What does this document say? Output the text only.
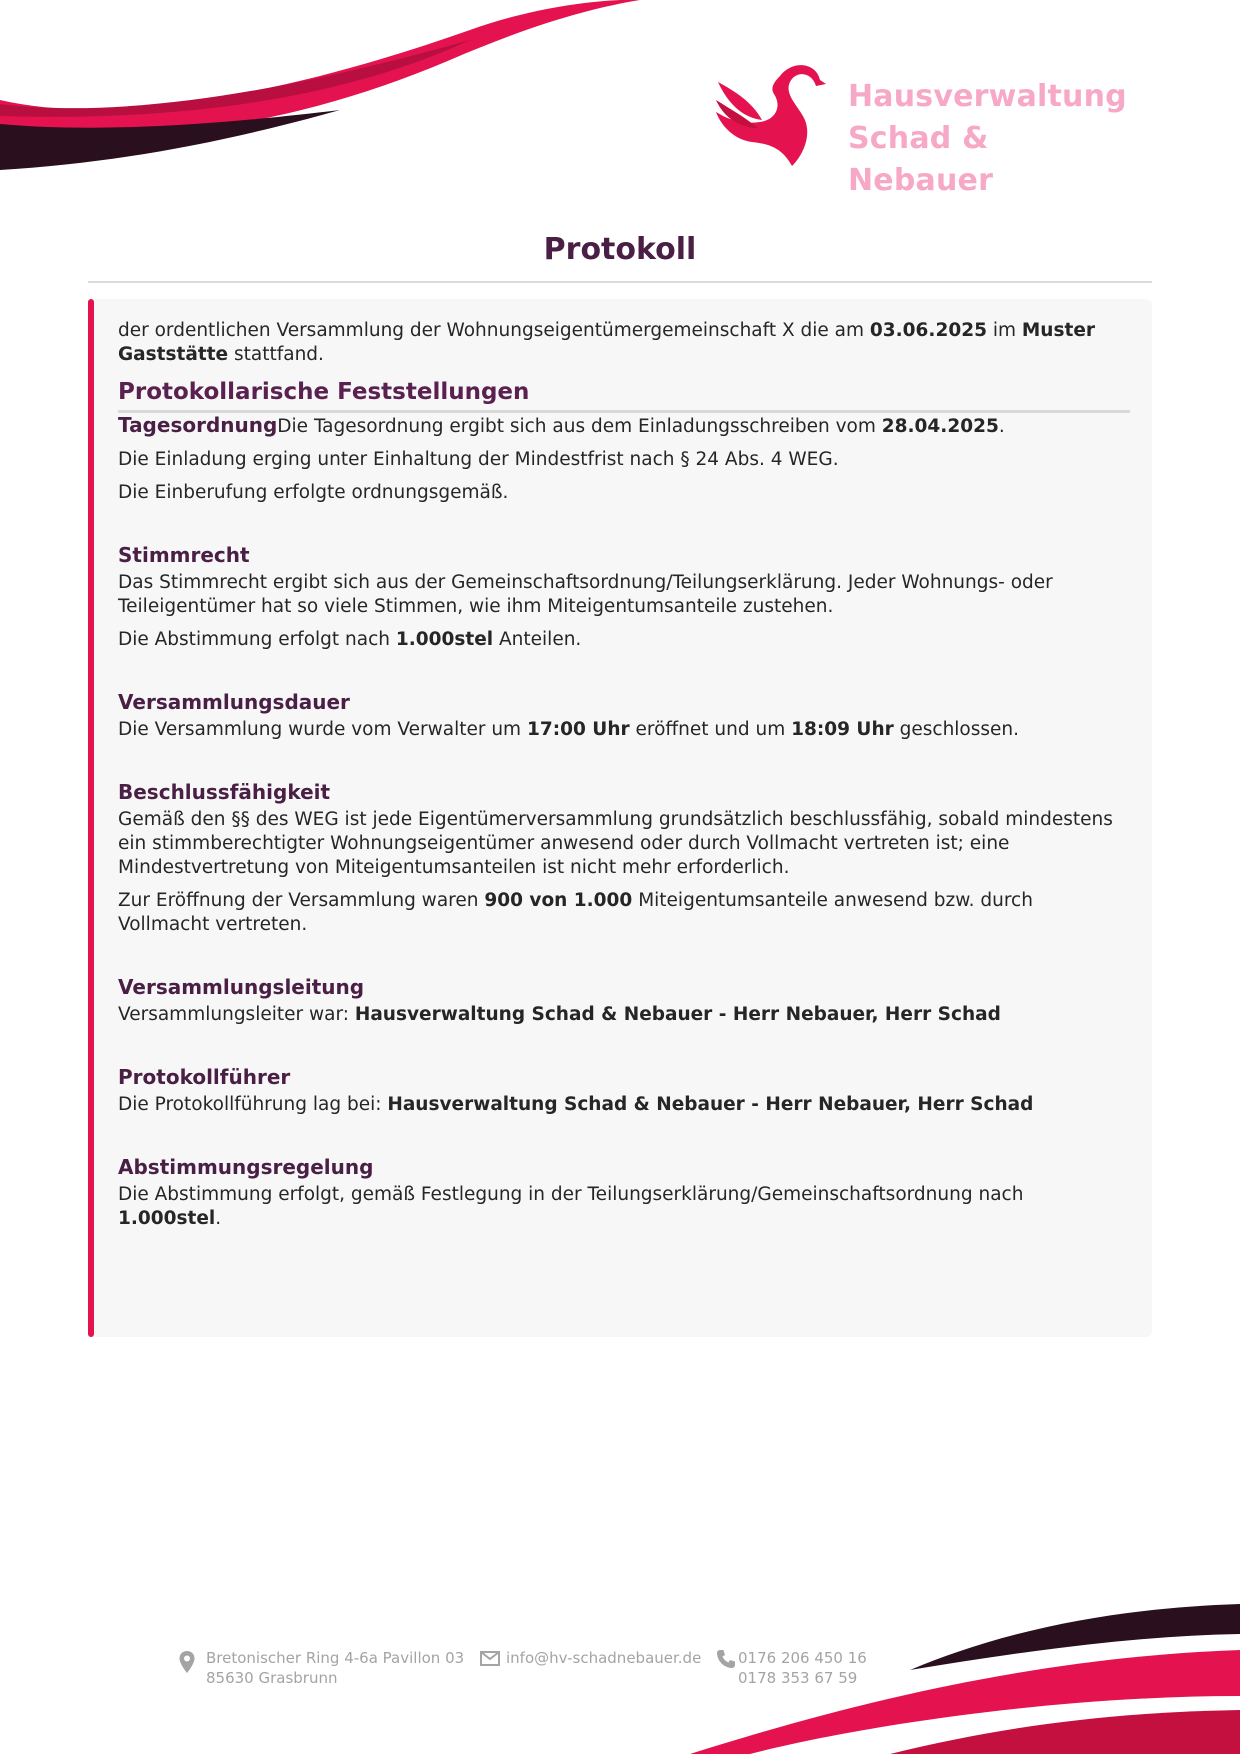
Hausverwaltung
Schad & Nebauer
Protokoll

der ordentlichen Versammlung der Wohnungseigentümergemeinschaft X die am 03.06.2025 im Muster Gaststätte stattfand.

Protokollarische Feststellungen

TagesordnungDie Tagesordnung ergibt sich aus dem Einladungsschreiben vom 28.04.2025.

Die Einladung erging unter Einhaltung der Mindestfrist nach § 24 Abs. 4 WEG.

Die Einberufung erfolgte ordnungsgemäß.

Stimmrecht

Das Stimmrecht ergibt sich aus der Gemeinschaftsordnung/Teilungserklärung. Jeder Wohnungs- oder Teileigentümer hat so viele Stimmen, wie ihm Miteigentumsanteile zustehen.

Die Abstimmung erfolgt nach 1.000stel Anteilen.

Versammlungsdauer

Die Versammlung wurde vom Verwalter um 17:00 Uhr eröffnet und um 18:09 Uhr geschlossen.

Beschlussfähigkeit

Gemäß den §§ des WEG ist jede Eigentümerversammlung grundsätzlich beschlussfähig, sobald mindestens ein stimmberechtigter Wohnungseigentümer anwesend oder durch Vollmacht vertreten ist; eine Mindestvertretung von Miteigentumsanteilen ist nicht mehr erforderlich.

Zur Eröffnung der Versammlung waren 900 von 1.000 Miteigentumsanteile anwesend bzw. durch Vollmacht vertreten.

Versammlungsleitung

Versammlungsleiter war: Hausverwaltung Schad & Nebauer - Herr Nebauer, Herr Schad

Protokollführer

Die Protokollführung lag bei: Hausverwaltung Schad & Nebauer - Herr Nebauer, Herr Schad

Abstimmungsregelung

Die Abstimmung erfolgt, gemäß Festlegung in der Teilungserklärung/Gemeinschaftsordnung nach 1.000stel.

Bretonischer Ring 4-6a Pavillon 03
85630 Grasbrunn
info@hv-schadnebauer.de 0176 206 450 16
0178 353 67 59
